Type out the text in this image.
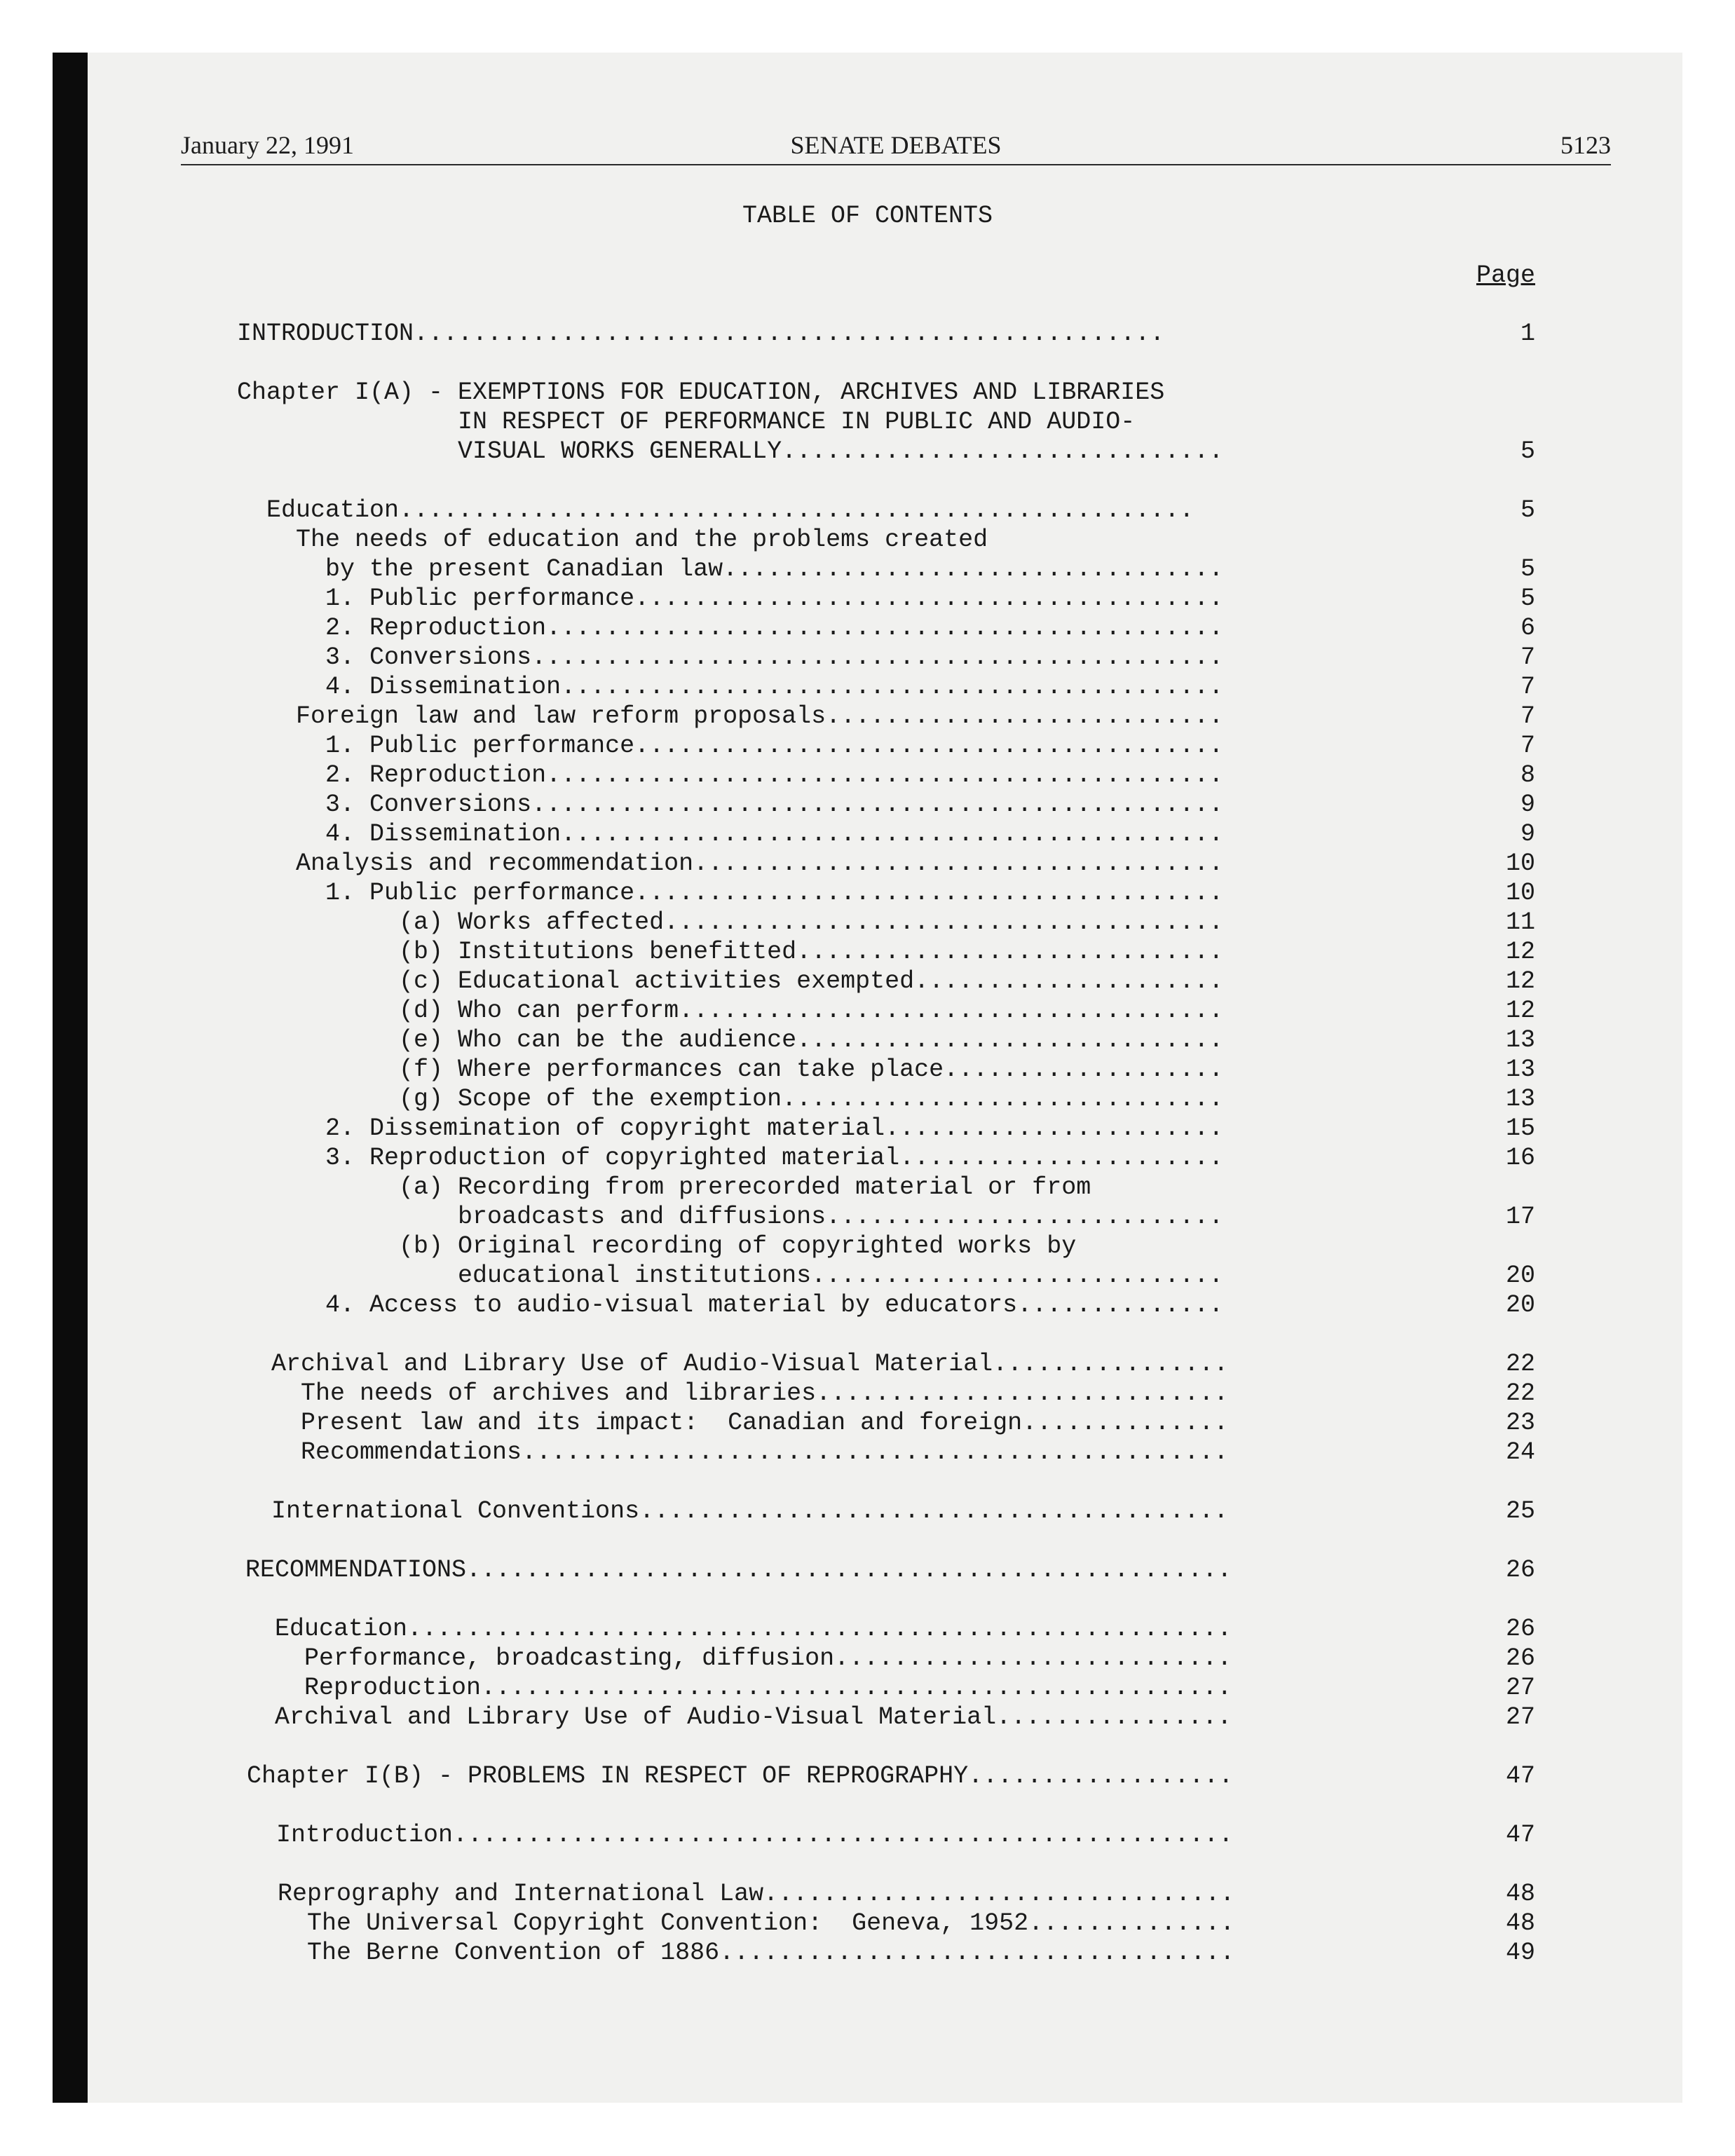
January 22, 1991	SENATE DEBATES	5123
TABLE OF CONTENTS
Page
INTRODUCTION...................................................	1
Chapter I(A) - EXEMPTIONS FOR EDUCATION, ARCHIVES AND LIBRARIES
IN RESPECT OF PERFORMANCE IN PUBLIC AND AUDIO-
VISUAL WORKS GENERALLY..............................	5
Education......................................................	5
The needs of education and the problems created
by the present Canadian law..................................	5
1. Public performance........................................	5
2. Reproduction..............................................	6
3. Conversions...............................................	7
4. Dissemination.............................................	7
Foreign law and law reform proposals...........................	7
1. Public performance........................................	7
2. Reproduction..............................................	8
3. Conversions...............................................	9
4. Dissemination.............................................	9
Analysis and recommendation....................................	10
1. Public performance........................................	10
(a) Works affected......................................	11
(b) Institutions benefitted.............................	12
(c) Educational activities exempted.....................	12
(d) Who can perform.....................................	12
(e) Who can be the audience.............................	13
(f) Where performances can take place...................	13
(g) Scope of the exemption..............................	13
2. Dissemination of copyright material.......................	15
3. Reproduction of copyrighted material......................	16
(a) Recording from prerecorded material or from
broadcasts and diffusions...........................	17
(b) Original recording of copyrighted works by
educational institutions............................	20
4. Access to audio-visual material by educators..............	20
Archival and Library Use of Audio-Visual Material................	22
The needs of archives and libraries............................	22
Present law and its impact:  Canadian and foreign..............	23
Recommendations................................................	24
International Conventions........................................	25
RECOMMENDATIONS....................................................	26
Education........................................................	26
Performance, broadcasting, diffusion...........................	26
Reproduction...................................................	27
Archival and Library Use of Audio-Visual Material................	27
Chapter I(B) - PROBLEMS IN RESPECT OF REPROGRAPHY..................	47
Introduction.....................................................	47
Reprography and International Law................................	48
The Universal Copyright Convention:  Geneva, 1952..............	48
The Berne Convention of 1886...................................	49
